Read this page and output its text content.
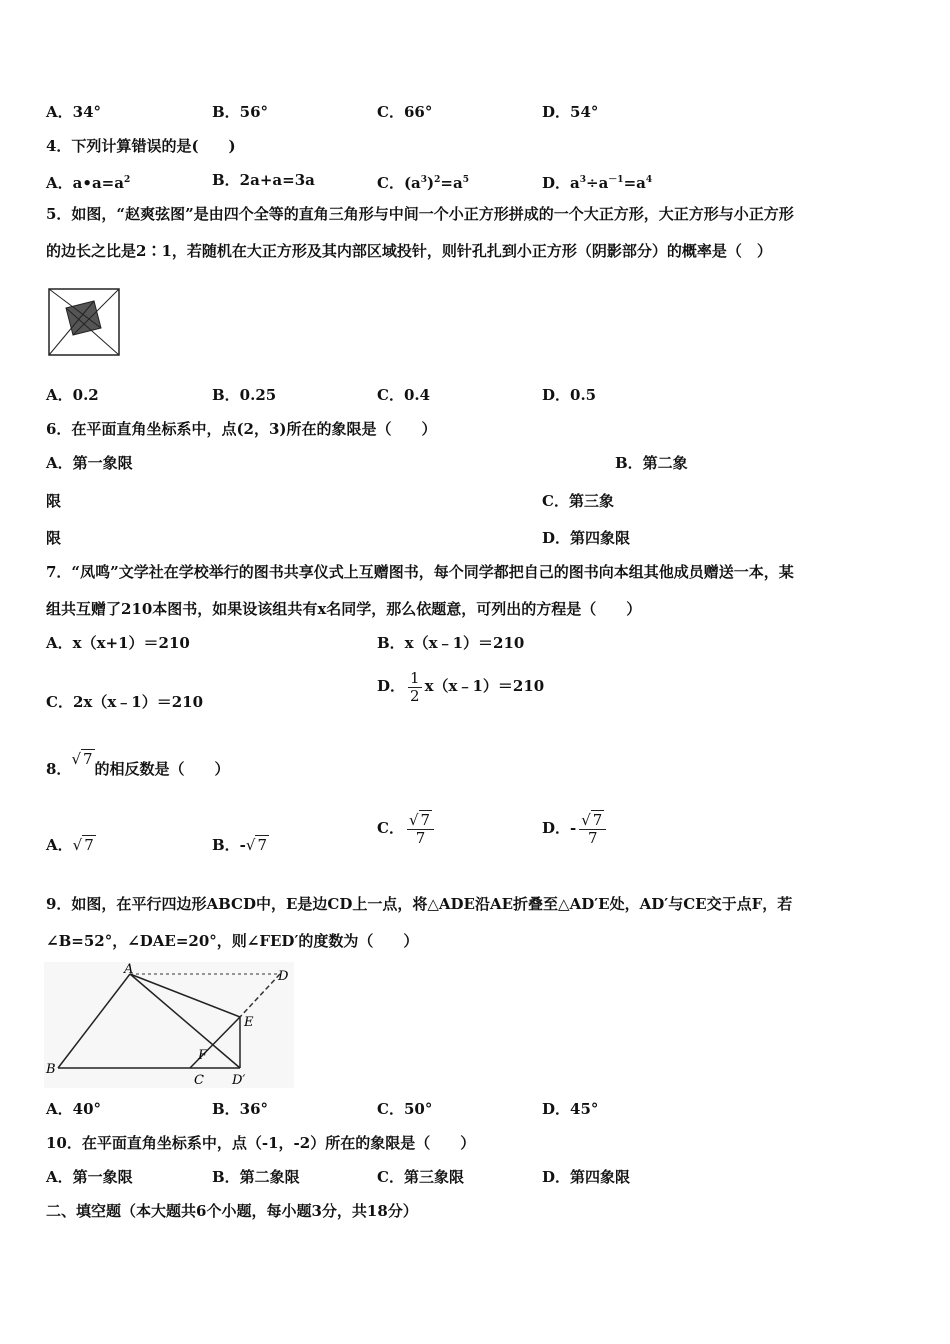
A．34°	B．56°	C．66°	D．54°
4．下列计算错误的是(　　)
A．$a•a=a^2$	B．2a+a=3a	C．$(a^3)^2=a^5$	D．$a^3\div a^{-1}=a^4$
5．如图，“赵爽弦图”是由四个全等的直角三角形与中间一个小正方形拼成的一个大正方形，大正方形与小正方形
的边长之比是2∶1，若随机在大正方形及其内部区域投针，则针孔扎到小正方形（阴影部分）的概率是（　）
A．0.2	B．0.25	C．0.4	D．0.5
6．在平面直角坐标系中，点(2，3)所在的象限是（　　）
A．第一象限	B．第二象
限	C．第三象
限	D．第四象限
7．“凤鸣”文学社在学校举行的图书共享仪式上互赠图书，每个同学都把自己的图书向本组其他成员赠送一本，某
组共互赠了210本图书，如果设该组共有x名同学，那么依题意，可列出的方程是（　　）
A．x（x+1）＝210	B．x（x﹣1）＝210
C．2x（x﹣1）＝210
D． $\frac{1}{2}$ x（x﹣1）＝210
8．√ 7的相反数是（　　）
A．√ 7	B．-√ 7
C． $\frac{√ 7}{7}$	D．- $\frac{√ 7}{7}$
9．如图，在平行四边形ABCD中，E是边CD上一点，将△ADE沿AE折叠至△AD′E处，AD′与CE交于点F，若
∠B=52°，∠DAE=20°，则∠FED′的度数为（　　）
A
B
C
D
E
F
D′
A．40°	B．36°	C．50°	D．45°
10．在平面直角坐标系中，点（-1，-2）所在的象限是（　　）
A．第一象限	B．第二象限	C．第三象限	D．第四象限
二、填空题（本大题共6个小题，每小题3分，共18分）
